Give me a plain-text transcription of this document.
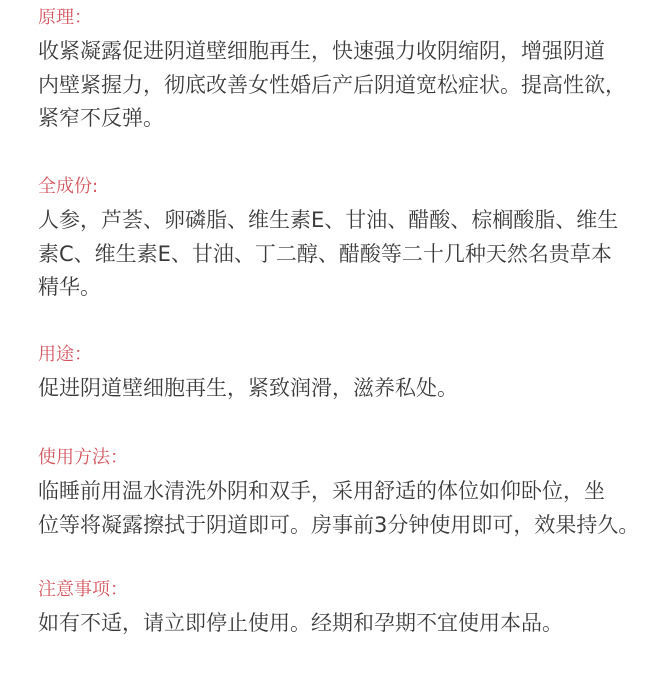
原理：
收紧凝露促进阴道壁细胞再生，快速强力收阴缩阴，增强阴道
内壁紧握力，彻底改善女性婚后产后阴道宽松症状。提高性欲，
紧窄不反弹。
全成份:
人参，芦荟、卵磷脂、维生素E、甘油、醋酸、棕榈酸脂、维生
素C、维生素E、甘油、丁二醇、醋酸等二十几种天然名贵草本
精华。
用途：
促进阴道壁细胞再生，紧致润滑，滋养私处。
使用方法：
临睡前用温水清洗外阴和双手，采用舒适的体位如仰卧位，坐
位等将凝露擦拭于阴道即可。房事前3分钟使用即可，效果持久。
注意事项：
如有不适，请立即停止使用。经期和孕期不宜使用本品。
